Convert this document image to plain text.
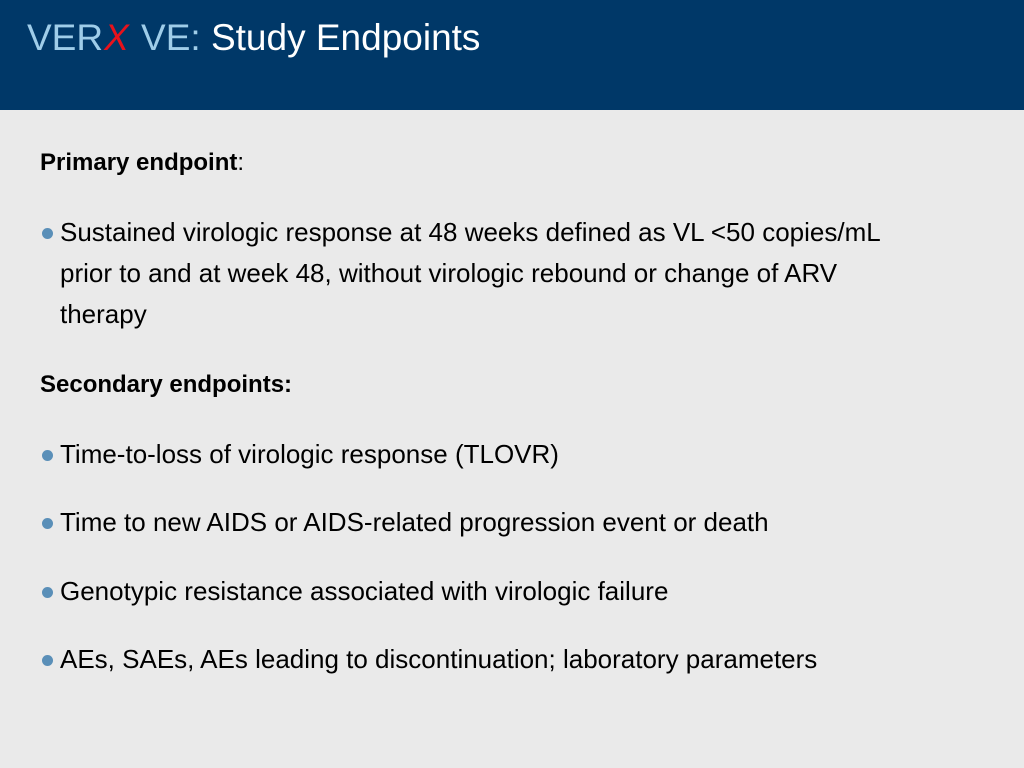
VERX VE: Study Endpoints
Primary endpoint:
Sustained virologic response at 48 weeks defined as VL <50 copies/mL prior to and at week 48, without virologic rebound or change of ARV therapy
Secondary endpoints:
Time-to-loss of virologic response (TLOVR)
Time to new AIDS or AIDS-related progression event or death
Genotypic resistance associated with virologic failure
AEs, SAEs, AEs leading to discontinuation; laboratory parameters
